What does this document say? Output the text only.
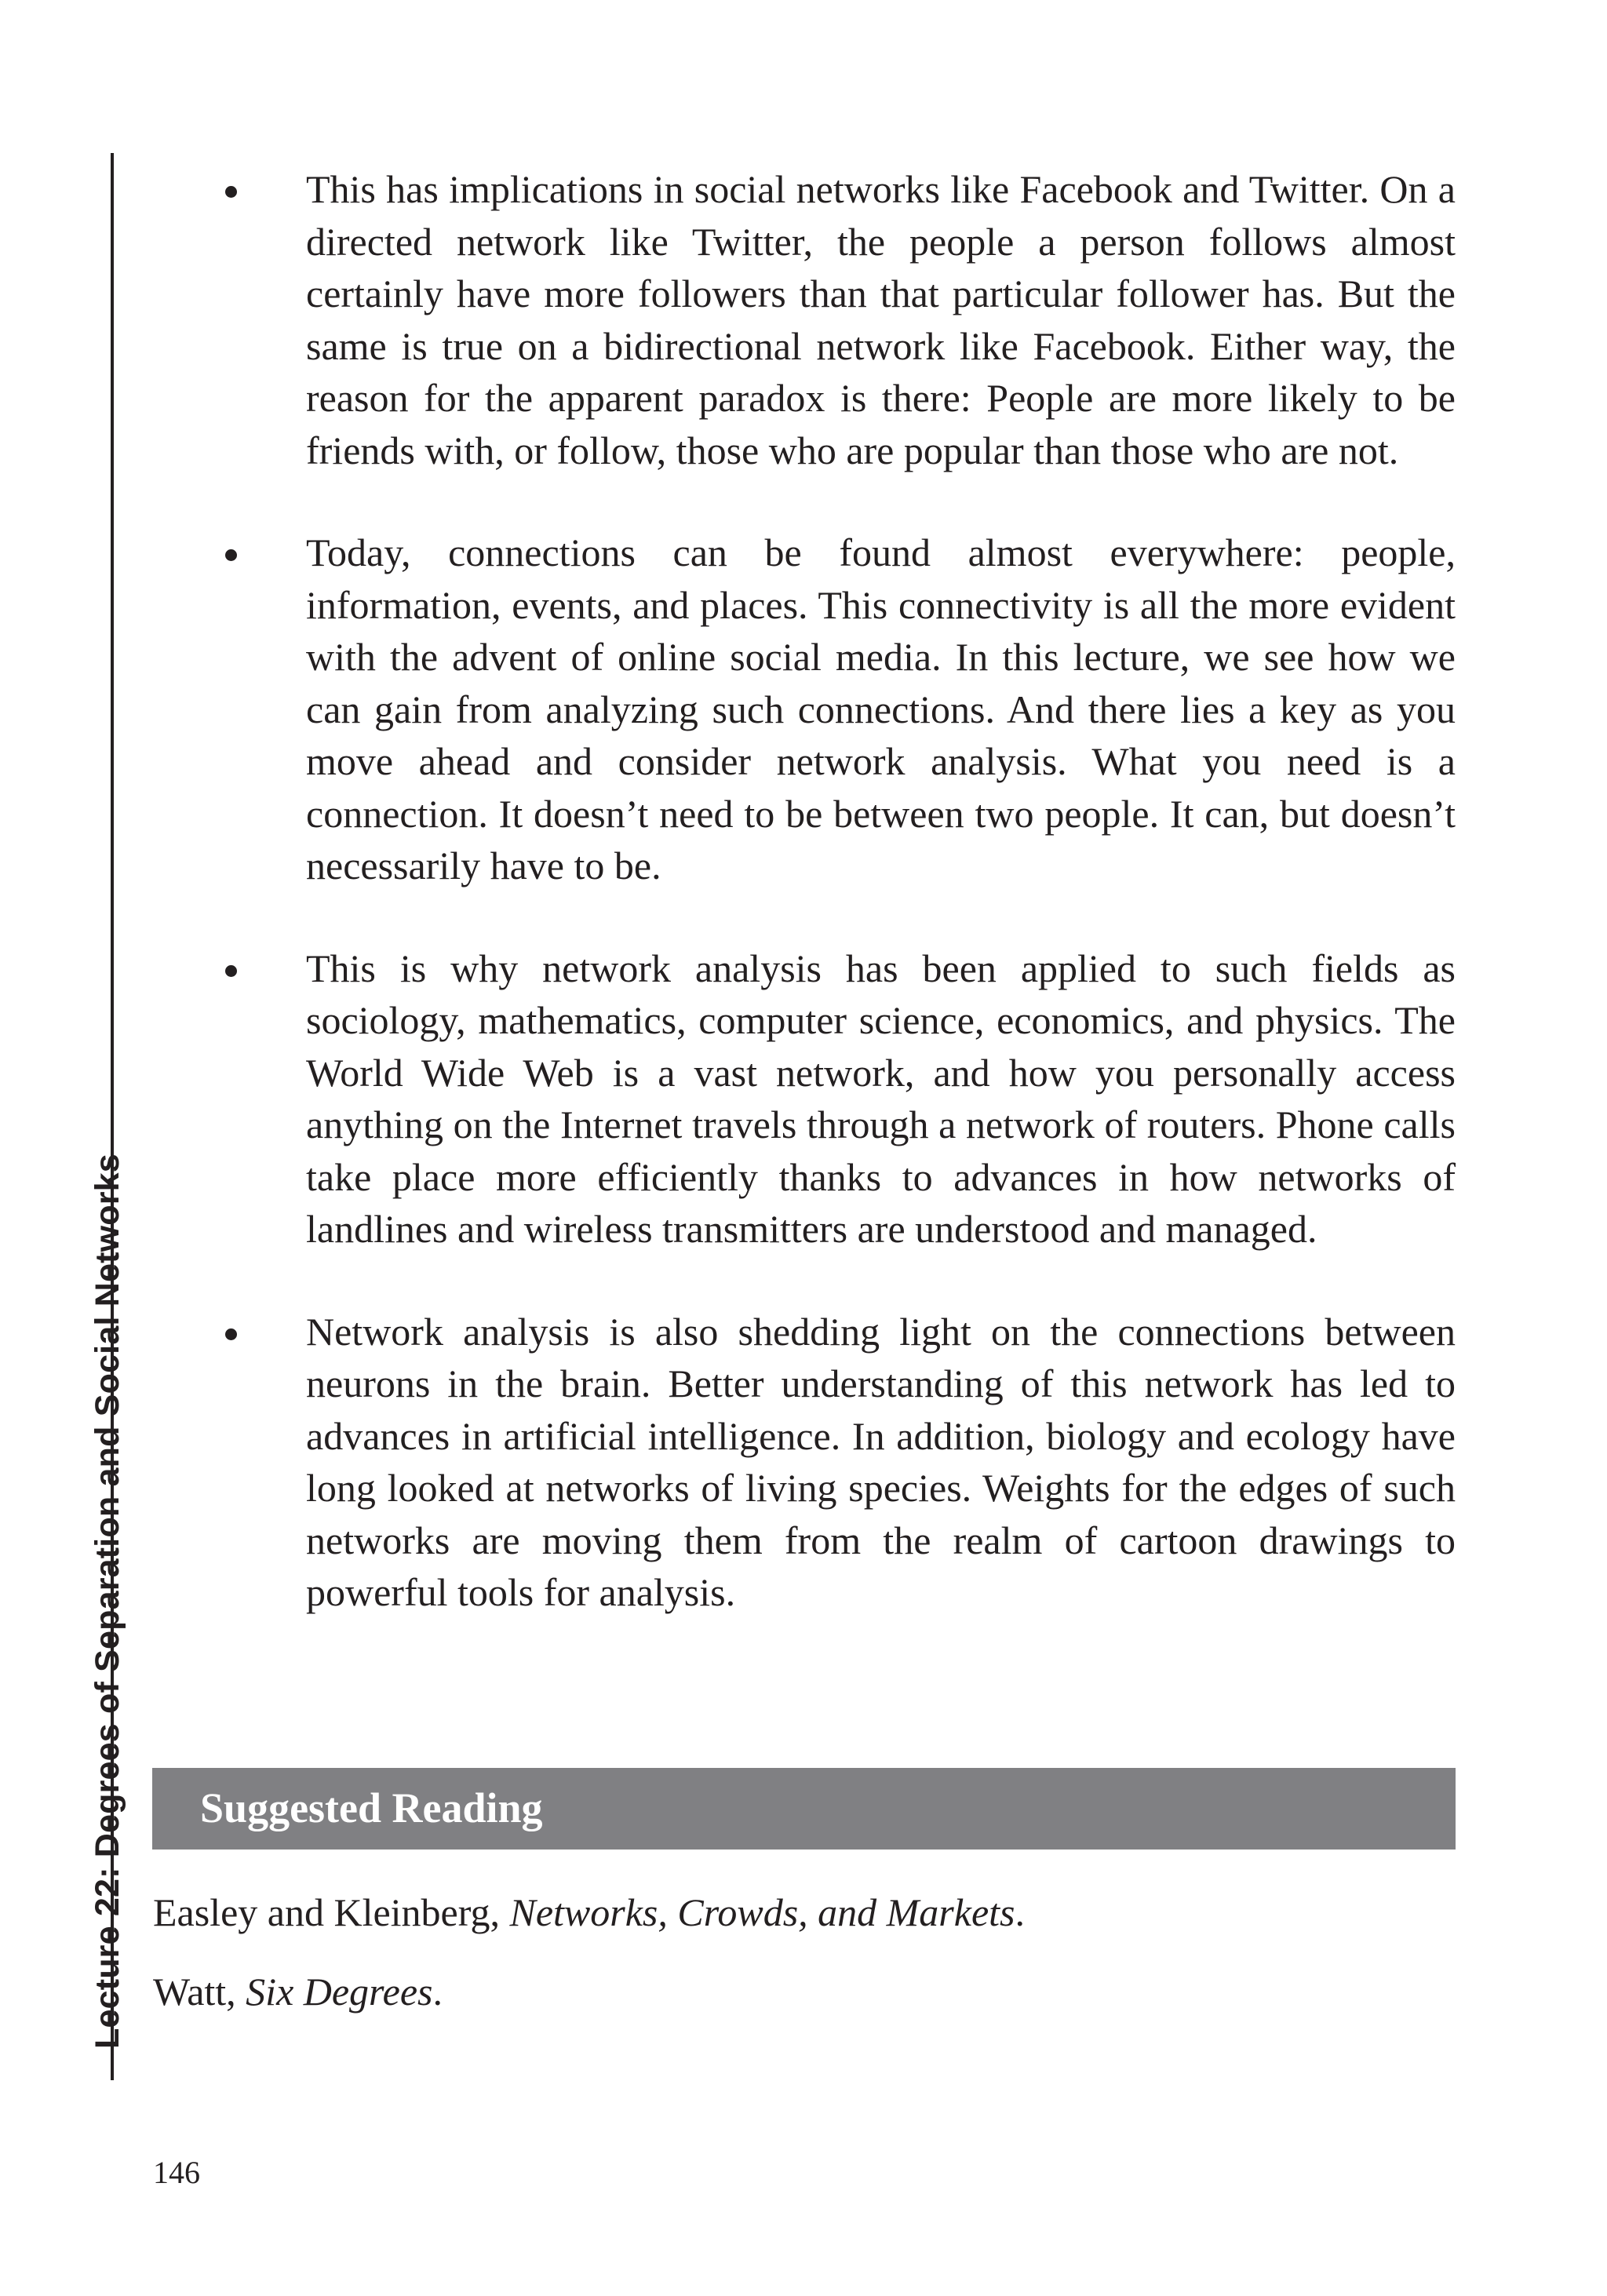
Lecture 22: Degrees of Separation and Social Networks

This has implications in social networks like Facebook and Twitter. On a directed network like Twitter, the people a person follows almost certainly have more followers than that particular follower has. But the same is true on a bidirectional network like Facebook. Either way, the reason for the apparent paradox is there: People are more likely to be friends with, or follow, those who are popular than those who are not.

Today, connections can be found almost everywhere: people, information, events, and places. This connectivity is all the more evident with the advent of online social media. In this lecture, we see how we can gain from analyzing such connections. And there lies a key as you move ahead and consider network analysis. What you need is a connection. It doesn’t need to be between two people. It can, but doesn’t necessarily have to be.

This is why network analysis has been applied to such fields as sociology, mathematics, computer science, economics, and physics. The World Wide Web is a vast network, and how you personally access anything on the Internet travels through a network of routers. Phone calls take place more efficiently thanks to advances in how networks of landlines and wireless transmitters are understood and managed.

Network analysis is also shedding light on the connections between neurons in the brain. Better understanding of this network has led to advances in artificial intelligence. In addition, biology and ecology have long looked at networks of living species. Weights for the edges of such networks are moving them from the realm of cartoon drawings to powerful tools for analysis.

Suggested Reading
Easley and Kleinberg, Networks, Crowds, and Markets.
Watt, Six Degrees.
146
